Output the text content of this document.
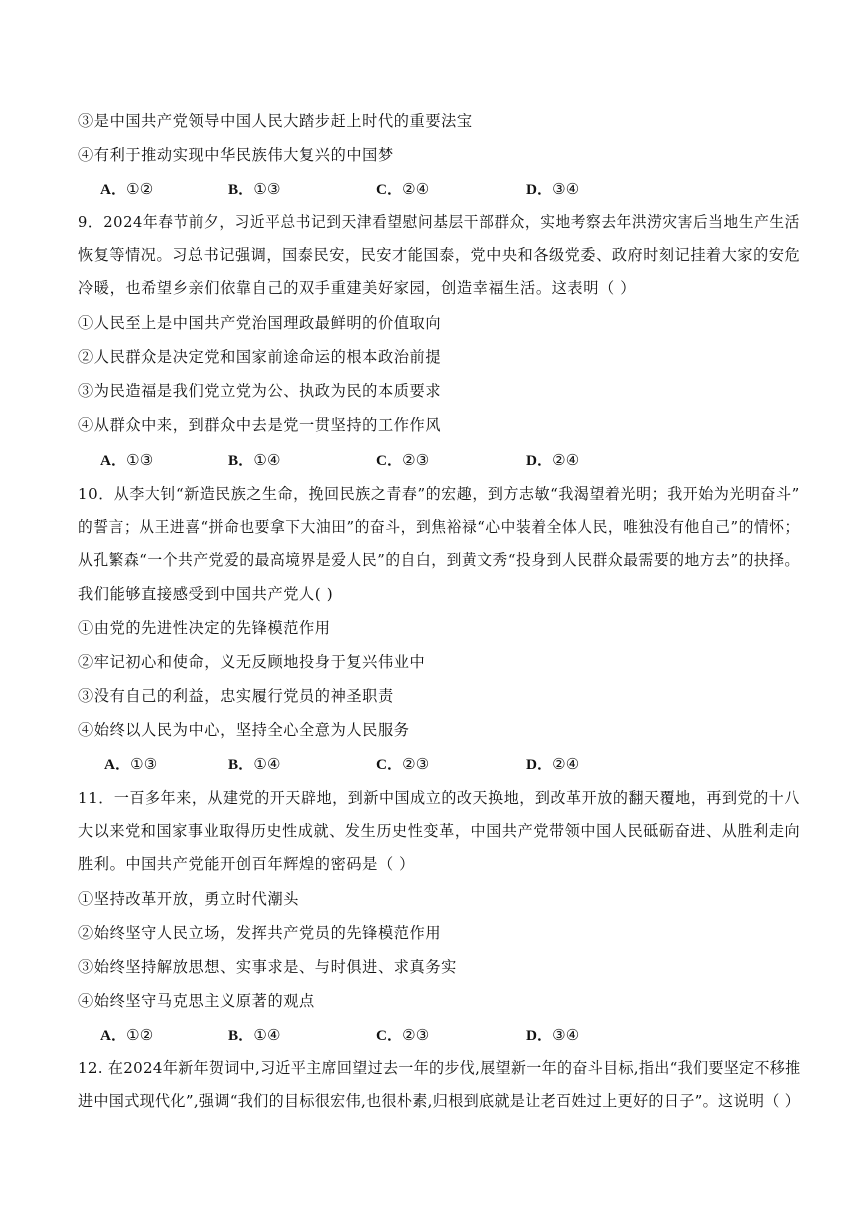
③是中国共产党领导中国人民大踏步赶上时代的重要法宝
④有利于推动实现中华民族伟大复兴的中国梦
A．①②	B．①③	C．②④	D．③④
9．2024年春节前夕，习近平总书记到天津看望慰问基层干部群众，实地考察去年洪涝灾害后当地生产生活
恢复等情况。习总书记强调，国泰民安，民安才能国泰，党中央和各级党委、政府时刻记挂着大家的安危
冷暖，也希望乡亲们依靠自己的双手重建美好家园，创造幸福生活。这表明（ ）
①人民至上是中国共产党治国理政最鲜明的价值取向
②人民群众是决定党和国家前途命运的根本政治前提
③为民造福是我们党立党为公、执政为民的本质要求
④从群众中来，到群众中去是党一贯坚持的工作作风
A．①③	B．①④	C．②③	D．②④
10．从李大钊“新造民族之生命，挽回民族之青春”的宏趣，到方志敏“我渴望着光明；我开始为光明奋斗”
的誓言；从王进喜“拼命也要拿下大油田”的奋斗，到焦裕禄“心中装着全体人民，唯独没有他自己”的情怀；
从孔繁森“一个共产党爱的最高境界是爱人民”的自白，到黄文秀“投身到人民群众最需要的地方去”的抉择。
我们能够直接感受到中国共产党人( )
①由党的先进性决定的先锋模范作用
②牢记初心和使命，义无反顾地投身于复兴伟业中
③没有自己的利益，忠实履行党员的神圣职责
④始终以人民为中心，坚持全心全意为人民服务
A．①③	B．①④	C．②③	D．②④
11．一百多年来，从建党的开天辟地，到新中国成立的改天换地，到改革开放的翻天覆地，再到党的十八
大以来党和国家事业取得历史性成就、发生历史性变革，中国共产党带领中国人民砥砺奋进、从胜利走向
胜利。中国共产党能开创百年辉煌的密码是（ ）
①坚持改革开放，勇立时代潮头
②始终坚守人民立场，发挥共产党员的先锋模范作用
③始终坚持解放思想、实事求是、与时俱进、求真务实
④始终坚守马克思主义原著的观点
A．①②	B．①④	C．②③	D．③④
12. 在2024年新年贺词中,习近平主席回望过去一年的步伐,展望新一年的奋斗目标,指出“我们要坚定不移推
进中国式现代化”,强调“我们的目标很宏伟,也很朴素,归根到底就是让老百姓过上更好的日子”。这说明（ ）
